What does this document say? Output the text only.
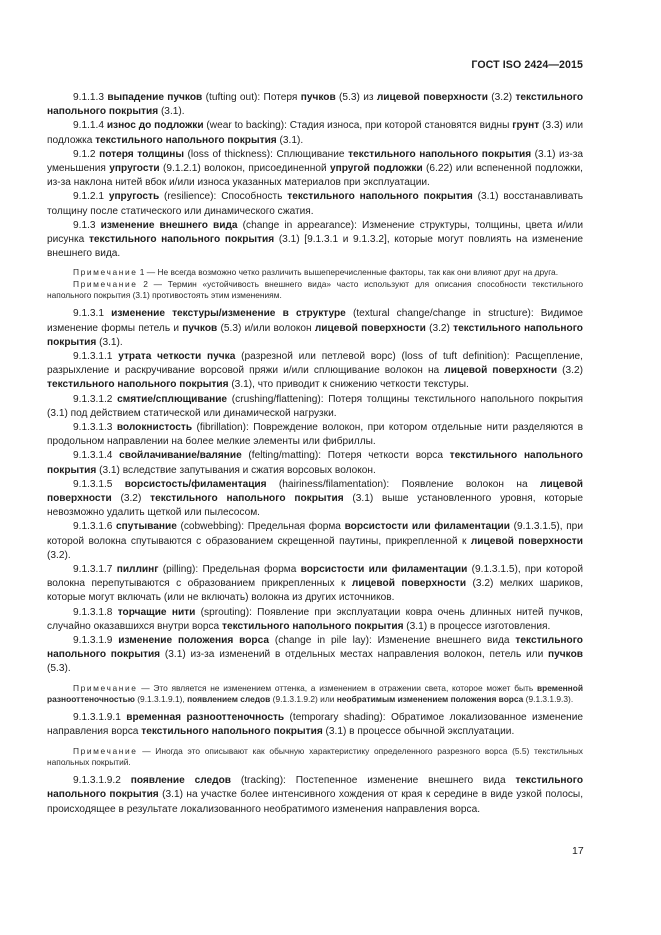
ГОСТ ISO 2424—2015

9.1.1.3 выпадение пучков (tufting out): Потеря пучков (5.3) из лицевой поверхности (3.2) текстильного напольного покрытия (3.1).

9.1.1.4 износ до подложки (wear to backing): Стадия износа, при которой становятся видны грунт (3.3) или подложка текстильного напольного покрытия (3.1).

9.1.2 потеря толщины (loss of thickness): Сплющивание текстильного напольного покрытия (3.1) из-за уменьшения упругости (9.1.2.1) волокон, присоединенной упругой подложки (6.22) или вспененной подложки, из-за наклона нитей вбок и/или износа указанных материалов при эксплуатации.

9.1.2.1 упругость (resilience): Способность текстильного напольного покрытия (3.1) восстанавливать толщину после статического или динамического сжатия.

9.1.3 изменение внешнего вида (change in appearance): Изменение структуры, толщины, цвета и/или рисунка текстильного напольного покрытия (3.1) [9.1.3.1 и 9.1.3.2], которые могут повлиять на изменение внешнего вида.

Примечание 1 — Не всегда возможно четко различить вышеперечисленные факторы, так как они влияют друг на друга.

Примечание 2 — Термин «устойчивость внешнего вида» часто используют для описания способности текстильного напольного покрытия (3.1) противостоять этим изменениям.

9.1.3.1 изменение текстуры/изменение в структуре (textural change/change in structure): Видимое изменение формы петель и пучков (5.3) и/или волокон лицевой поверхности (3.2) текстильного напольного покрытия (3.1).

9.1.3.1.1 утрата четкости пучка (разрезной или петлевой ворс) (loss of tuft definition): Расщепление, разрыхление и раскручивание ворсовой пряжи и/или сплющивание волокон на лицевой поверхности (3.2) текстильного напольного покрытия (3.1), что приводит к снижению четкости текстуры.

9.1.3.1.2 смятие/сплющивание (crushing/flattening): Потеря толщины текстильного напольного покрытия (3.1) под действием статической или динамической нагрузки.

9.1.3.1.3 волокнистость (fibrillation): Повреждение волокон, при котором отдельные нити разделяются в продольном направлении на более мелкие элементы или фибриллы.

9.1.3.1.4 свойлачивание/валяние (felting/matting): Потеря четкости ворса текстильного напольного покрытия (3.1) вследствие запутывания и сжатия ворсовых волокон.

9.1.3.1.5 ворсистость/филаментация (hairiness/filamentation): Появление волокон на лицевой поверхности (3.2) текстильного напольного покрытия (3.1) выше установленного уровня, которые невозможно удалить щеткой или пылесосом.

9.1.3.1.6 спутывание (cobwebbing): Предельная форма ворсистости или филаментации (9.1.3.1.5), при которой волокна спутываются с образованием скрещенной паутины, прикрепленной к лицевой поверхности (3.2).

9.1.3.1.7 пиллинг (pilling): Предельная форма ворсистости или филаментации (9.1.3.1.5), при которой волокна перепутываются с образованием прикрепленных к лицевой поверхности (3.2) мелких шариков, которые могут включать (или не включать) волокна из других источников.

9.1.3.1.8 торчащие нити (sprouting): Появление при эксплуатации ковра очень длинных нитей пучков, случайно оказавшихся внутри ворса текстильного напольного покрытия (3.1) в процессе изготовления.

9.1.3.1.9 изменение положения ворса (change in pile lay): Изменение внешнего вида текстильного напольного покрытия (3.1) из-за изменений в отдельных местах направления волокон, петель или пучков (5.3).

Примечание — Это является не изменением оттенка, а изменением в отражении света, которое может быть временной разнооттеночностью (9.1.3.1.9.1), появлением следов (9.1.3.1.9.2) или необратимым изменением положения ворса (9.1.3.1.9.3).

9.1.3.1.9.1 временная разнооттеночность (temporary shading): Обратимое локализованное изменение направления ворса текстильного напольного покрытия (3.1) в процессе обычной эксплуатации.

Примечание — Иногда это описывают как обычную характеристику определенного разрезного ворса (5.5) текстильных напольных покрытий.

9.1.3.1.9.2 появление следов (tracking): Постепенное изменение внешнего вида текстильного напольного покрытия (3.1) на участке более интенсивного хождения от края к середине в виде узкой полосы, происходящее в результате локализованного необратимого изменения направления ворса.

17
